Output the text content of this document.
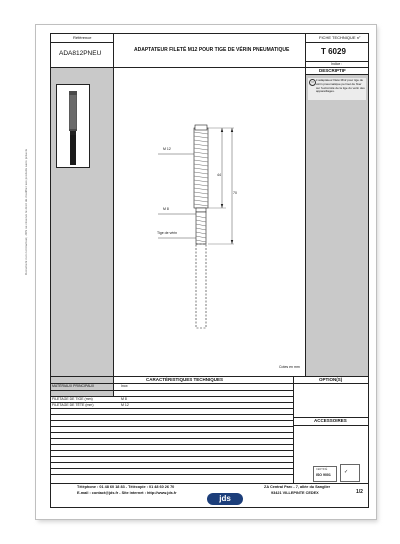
Document non contractuel, JDS se réserve le droit de modifier ses produits sans préavis
Référence
ADA812PNEU	ADAPTATEUR FILETÉ M12 POUR TIGE DE VÉRIN PNEUMATIQUE
FICHE TECHNIQUE n°
T 6029
Indice :
DESCRIPTIF
⇨ L'adaptateur fileté M12 pour tige de vérin pneumatique permet de fixer sur l'extrémité de la tige du vérin des appareillages.
M 12
M 8
Tige de vérin
44
70
Cotes en mm
CARACTÉRISTIQUES TECHNIQUES	OPTION(S)
MATÉRIAUX PRINCIPAUX	Inox
FILETAGE DE TIGE (mm)	M 8
FILETAGE DE TÊTE (mm)	M 12
ACCESSOIRES
CERTIFIÉ
ISO 9001	✓
Téléphone : 01 48 60 18 83 - Télécopie : 01 48 60 26 70
E-mail : contact@jds.fr - Site internet : http://www.jds.fr
jds
ZA Central Parc - 7, allée du Sanglier
93421 VILLEPINTE CEDEX	1/2
